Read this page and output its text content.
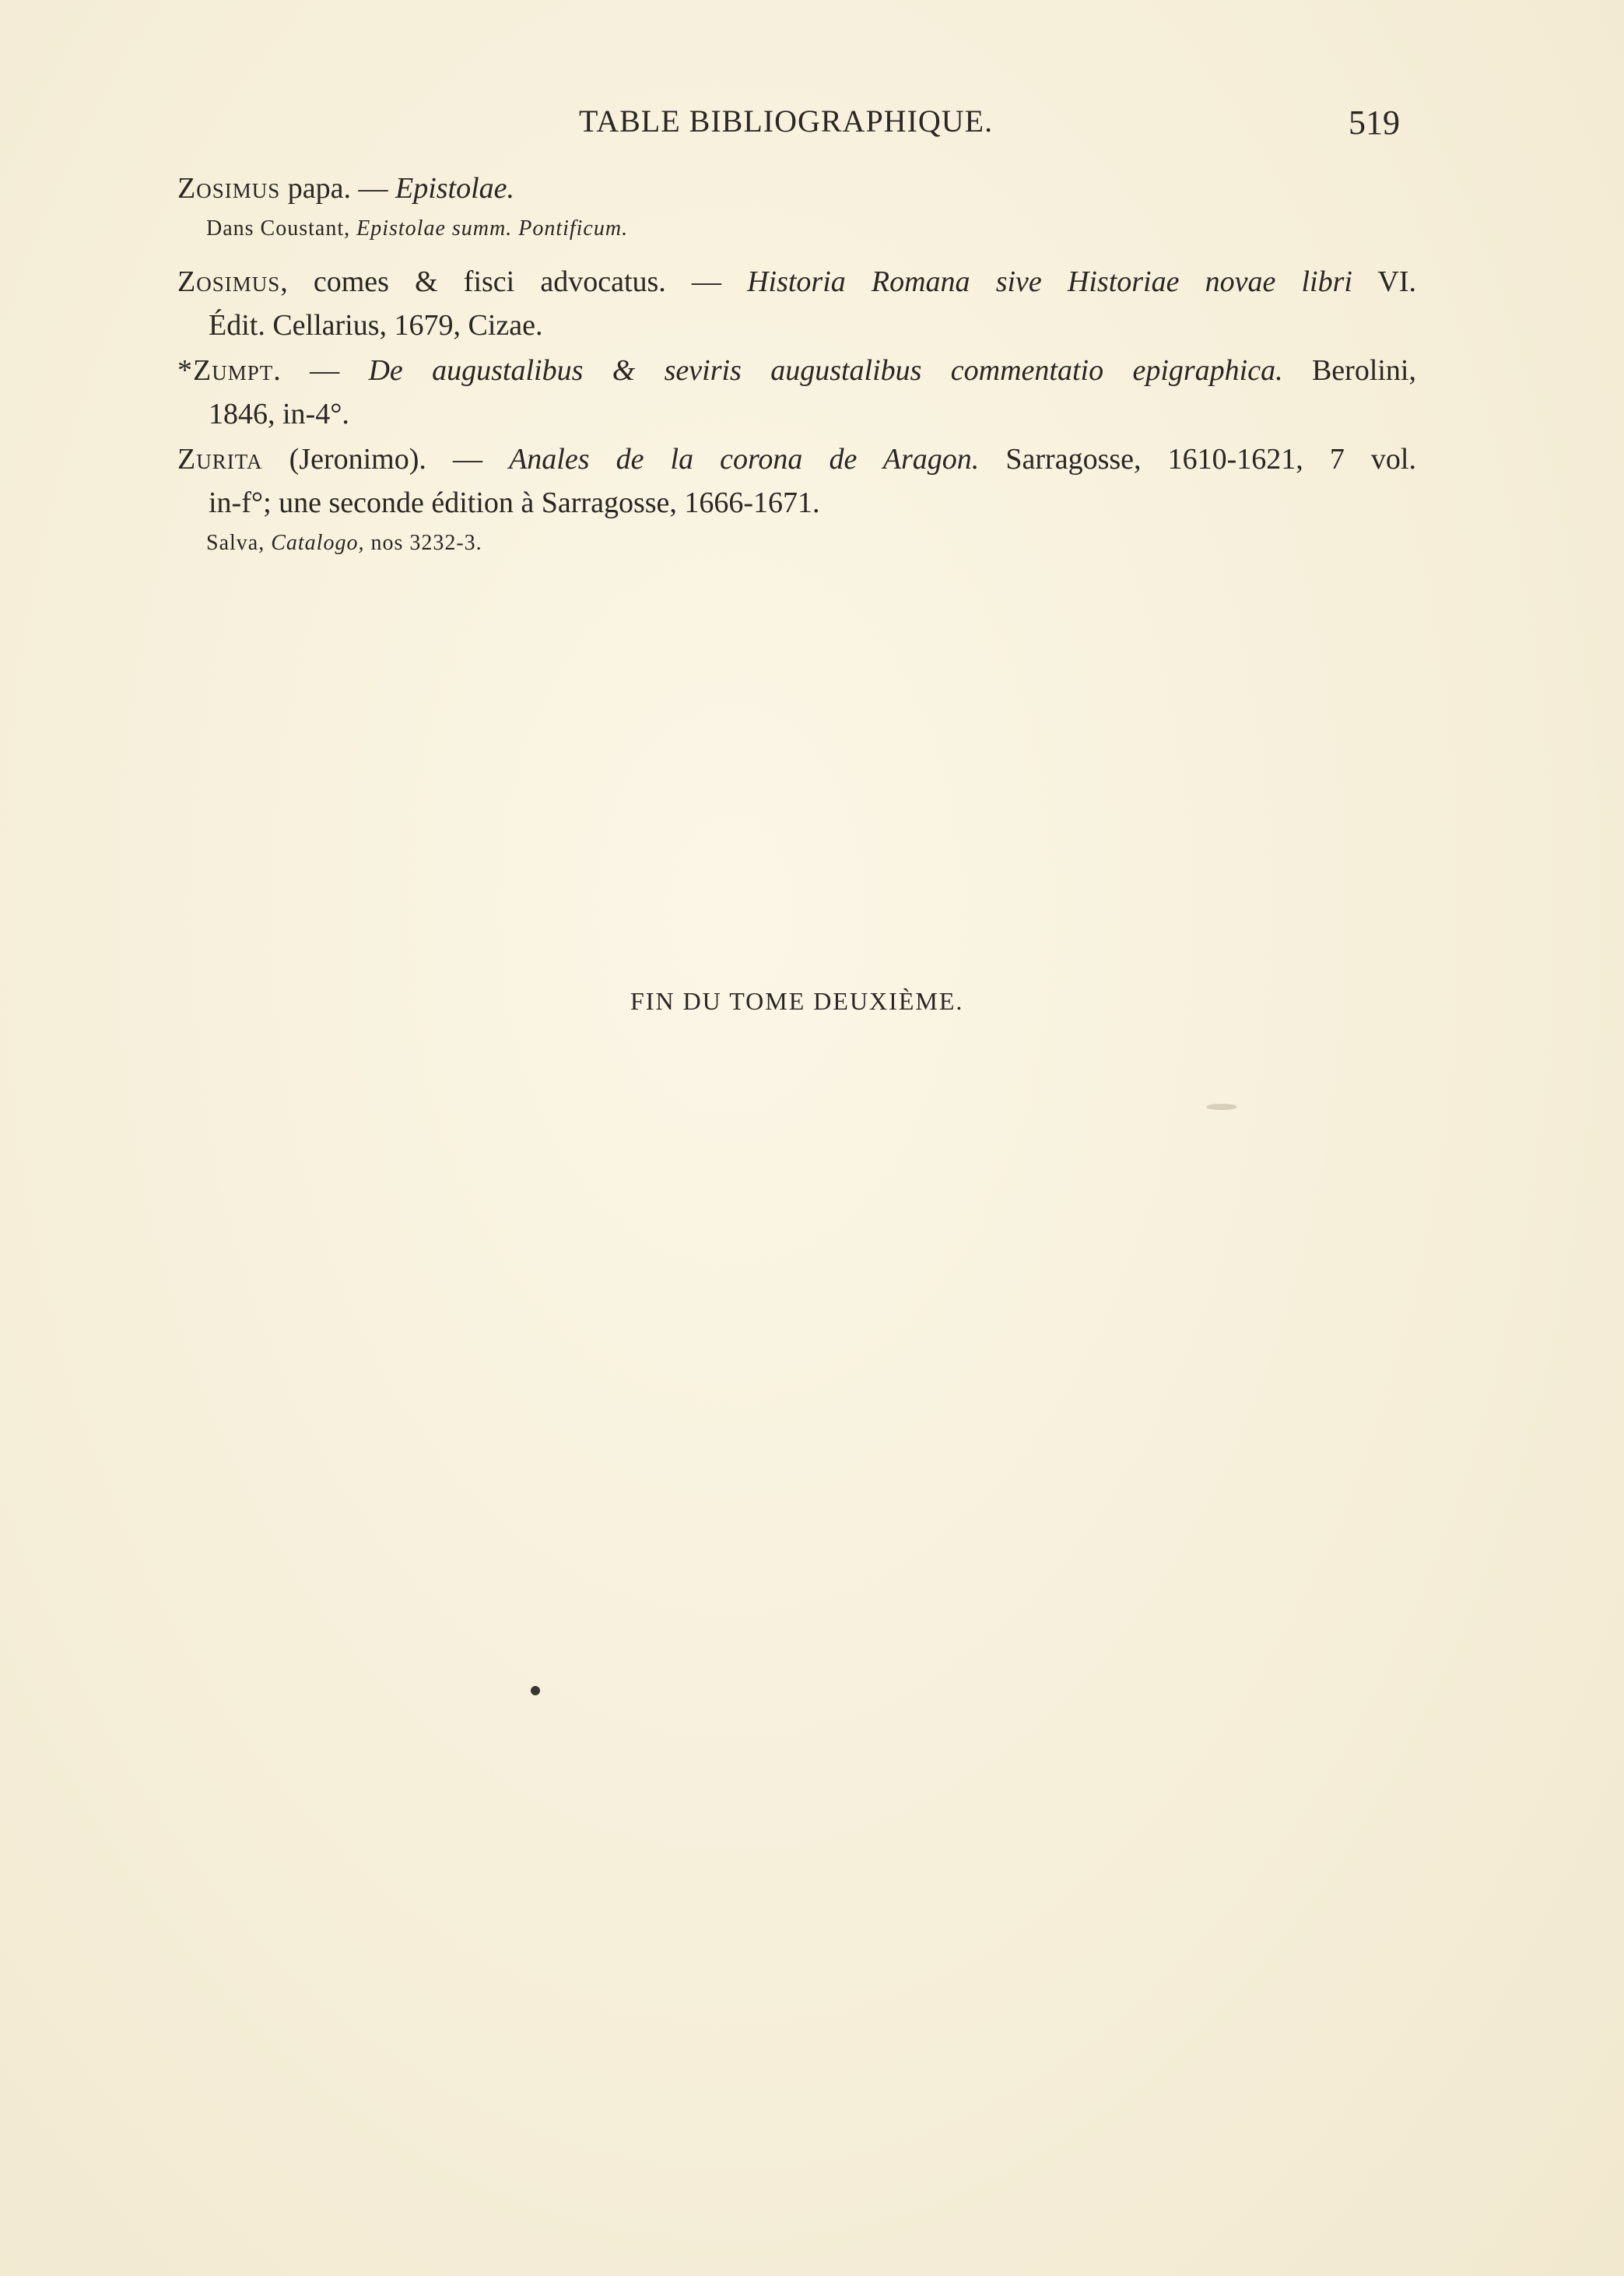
TABLE BIBLIOGRAPHIQUE.	519
Zosimus papa. — Epistolae.
Dans Coustant, Epistolae summ. Pontificum.
Zosimus, comes & fisci advocatus. — Historia Romana sive Historiae novae libri VI.
Édit. Cellarius, 1679, Cizae.
*Zumpt. — De augustalibus & seviris augustalibus commentatio epigraphica. Berolini,
1846, in-4°.
Zurita (Jeronimo). — Anales de la corona de Aragon. Sarragosse, 1610-1621, 7 vol.
in-f°; une seconde édition à Sarragosse, 1666-1671.
Salva, Catalogo, nos 3232-3.
FIN DU TOME DEUXIÈME.
